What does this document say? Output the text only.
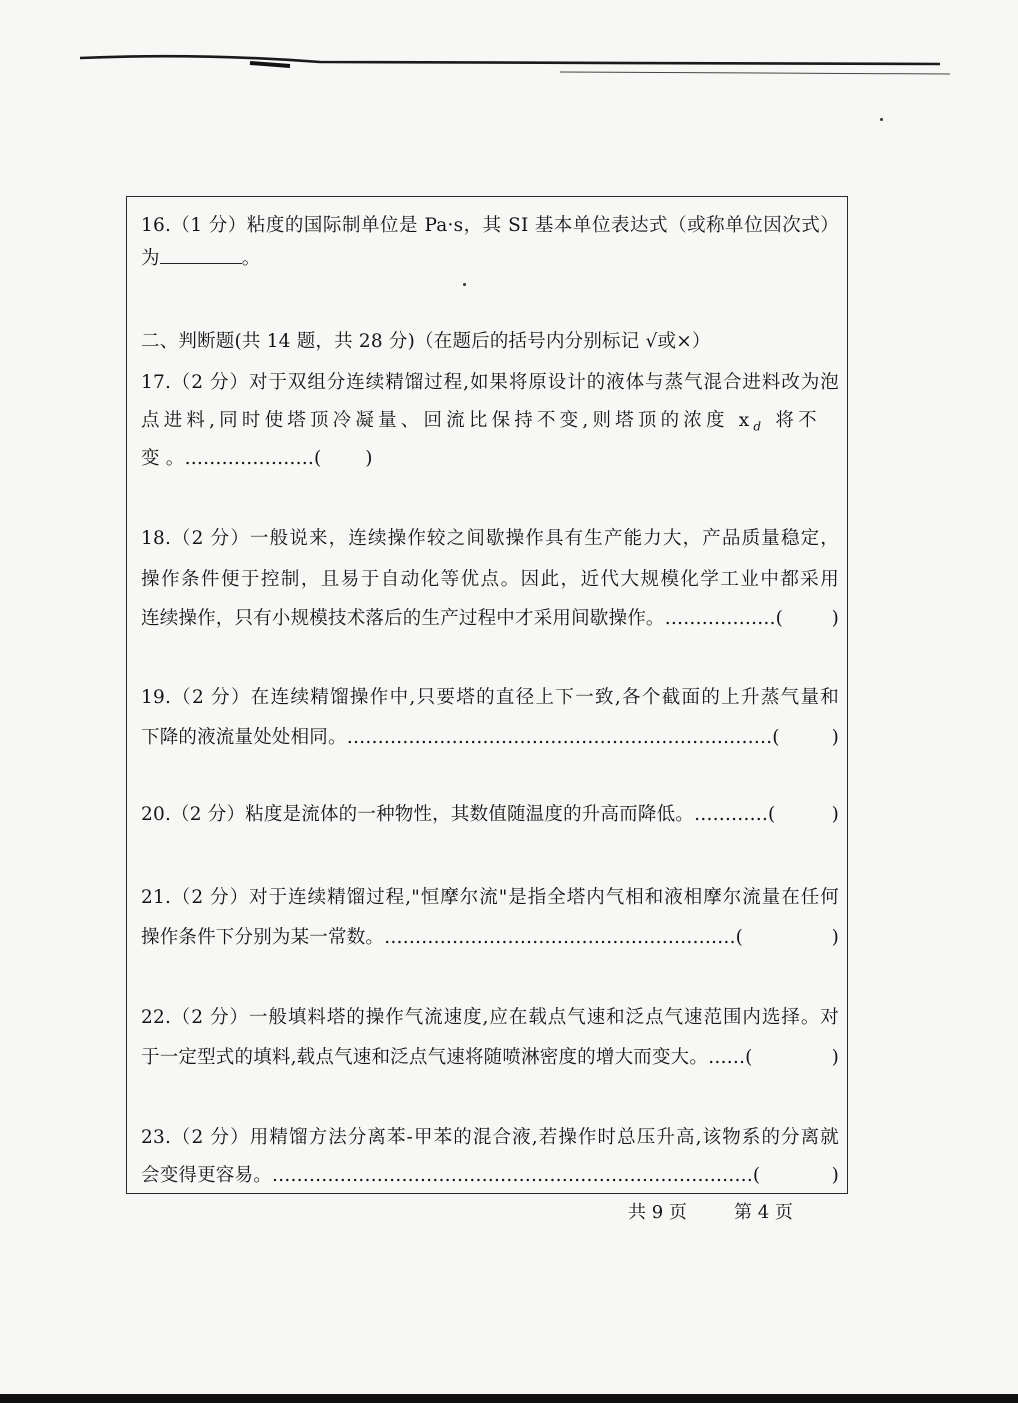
16.（1 分）粘度的国际制单位是 Pa·s，其 SI 基本单位表达式（或称单位因次式）
为	。
二、判断题(共 14 题，共 28 分)（在题后的括号内分别标记 √或×）
17.（2 分）对于双组分连续精馏过程,如果将原设计的液体与蒸气混合进料改为泡
点进料,同时使塔顶冷凝量、回流比保持不变,则塔顶的浓度 $x_d$ 将不
变 。…………………( )
18.（2 分）一般说来，连续操作较之间歇操作具有生产能力大，产品质量稳定，
操作条件便于控制，且易于自动化等优点。因此，近代大规模化学工业中都采用
连续操作，只有小规模技术落后的生产过程中才采用间歇操作。………………(	)
19.（2 分）在连续精馏操作中,只要塔的直径上下一致,各个截面的上升蒸气量和
下降的液流量处处相同。……………………………………………………………(	)
20.（2 分）粘度是流体的一种物性，其数值随温度的升高而降低。…………(	)
21.（2 分）对于连续精馏过程,"恒摩尔流"是指全塔内气相和液相摩尔流量在任何
操作条件下分别为某一常数。…………………………………………………(	)
22.（2 分）一般填料塔的操作气流速度,应在载点气速和泛点气速范围内选择。对
于一定型式的填料,载点气速和泛点气速将随喷淋密度的增大而变大。……(	)
23.（2 分）用精馏方法分离苯-甲苯的混合液,若操作时总压升高,该物系的分离就
会变得更容易。……………………………………………………………………(	)
共 9 页	第 4 页
